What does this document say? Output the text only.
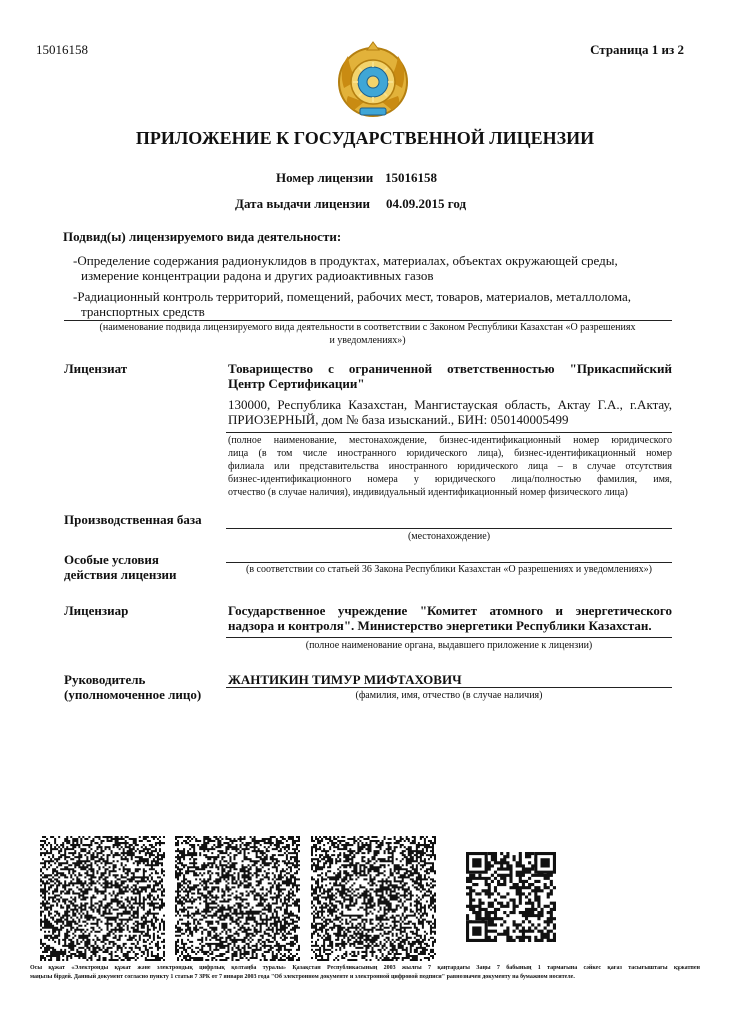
15016158	Страница 1 из 2
ПРИЛОЖЕНИЕ К ГОСУДАРСТВЕННОЙ ЛИЦЕНЗИИ
Номер лицензии 15016158
Дата выдачи лицензии 04.09.2015 год
Подвид(ы) лицензируемого вида деятельности:
- Определение содержания радионуклидов в продуктах, материалах, объектах окружающей среды,
измерение концентрации радона и других радиоактивных газов
- Радиационный контроль территорий, помещений, рабочих мест, товаров, материалов, металлолома,
транспортных средств
(наименование подвида лицензируемого вида деятельности в соответствии с Законом Республики Казахстан «О разрешениях
и уведомлениях»)
Лицензиат	Товарищество с ограниченной ответственностью "Прикаспийский
Центр Сертификации"
130000, Республика Казахстан, Мангистауская область, Актау Г.А., г.Актау,
ПРИОЗЕРНЫЙ, дом № база изысканий., БИН: 050140005499
(полное наименование, местонахождение, бизнес-идентификационный номер юридического
лица (в том числе иностранного юридического лица), бизнес-идентификационный номер
филиала или представительства иностранного юридического лица – в случае отсутствия
бизнес-идентификационного номера у юридического лица/полностью фамилия, имя,
отчество (в случае наличия), индивидуальный идентификационный номер физического лица)
Производственная база
(местонахождение)
Особые условия
действия лицензии	(в соответствии со статьей 36 Закона Республики Казахстан «О разрешениях и уведомлениях»)
Лицензиар	Государственное учреждение "Комитет атомного и энергетического
надзора и контроля". Министерство энергетики Республики Казахстан.
(полное наименование органа, выдавшего приложение к лицензии)
Руководитель
(уполномоченное лицо)
ЖАНТИКИН ТИМУР МИФТАХОВИЧ
(фамилия, имя, отчество (в случае наличия)
Осы құжат «Электронды құжат және электрондық цифрлық қолтаңба туралы» Қазақстан Республикасының 2003 жылғы 7 қаңтардағы Заңы 7 бабының 1 тармағына сәйкес қағаз тасығыштағы құжатпен
маңызы бірдей. Данный документ согласно пункту 1 статьи 7 ЗРК от 7 января 2003 года "Об электронном документе и электронной цифровой подписи" равнозначен документу на бумажном носителе.
